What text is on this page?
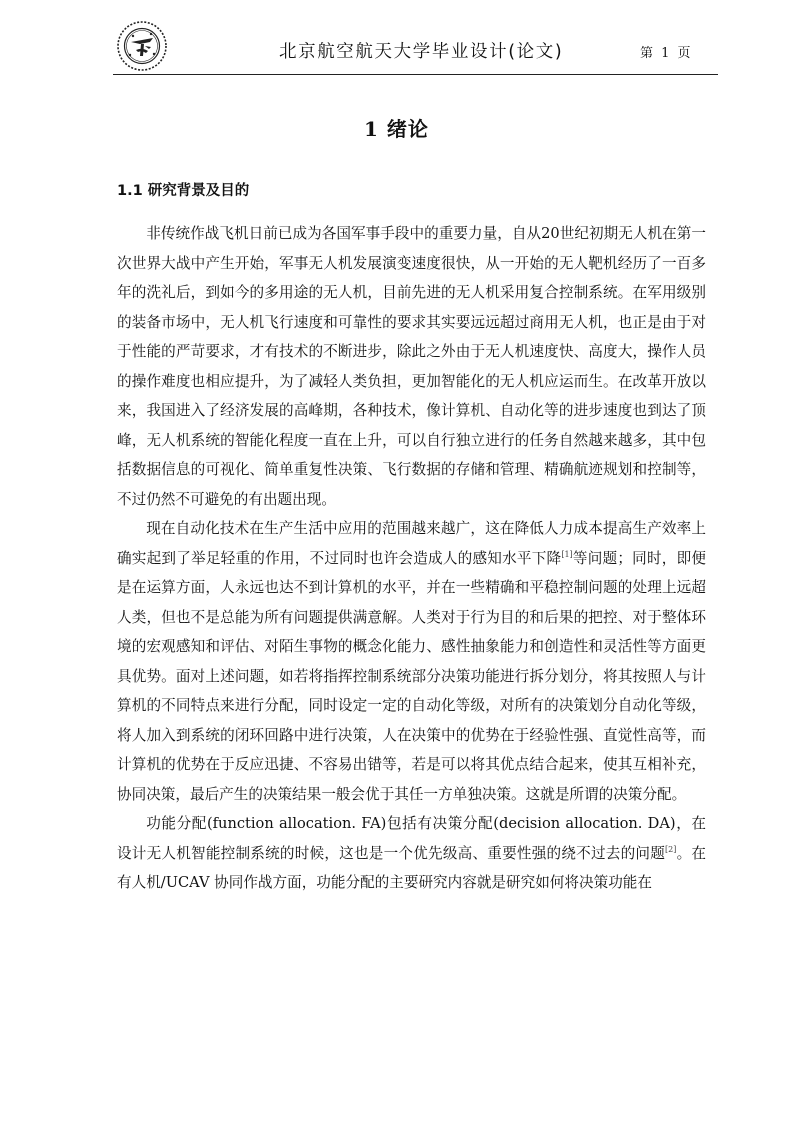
北京航空航天大学毕业设计(论文)	第 1 页
1 绪论
1.1 研究背景及目的

非传统作战飞机日前已成为各国军事手段中的重要力量，自从20世纪初期无人机在第一次世界大战中产生开始，军事无人机发展演变速度很快，从一开始的无人靶机经历了一百多年的洗礼后，到如今的多用途的无人机，目前先进的无人机采用复合控制系统。在军用级别的装备市场中，无人机飞行速度和可靠性的要求其实要远远超过商用无人机，也正是由于对于性能的严苛要求，才有技术的不断进步，除此之外由于无人机速度快、高度大，操作人员的操作难度也相应提升，为了减轻人类负担，更加智能化的无人机应运而生。在改革开放以来，我国进入了经济发展的高峰期，各种技术，像计算机、自动化等的进步速度也到达了顶峰，无人机系统的智能化程度一直在上升，可以自行独立进行的任务自然越来越多，其中包括数据信息的可视化、简单重复性决策、飞行数据的存储和管理、精确航迹规划和控制等，不过仍然不可避免的有出题出现。

现在自动化技术在生产生活中应用的范围越来越广，这在降低人力成本提高生产效率上确实起到了举足轻重的作用，不过同时也许会造成人的感知水平下降[1]等问题；同时，即便是在运算方面，人永远也达不到计算机的水平，并在一些精确和平稳控制问题的处理上远超人类，但也不是总能为所有问题提供满意解。人类对于行为目的和后果的把控、对于整体环境的宏观感知和评估、对陌生事物的概念化能力、感性抽象能力和创造性和灵活性等方面更具优势。面对上述问题，如若将指挥控制系统部分决策功能进行拆分划分，将其按照人与计算机的不同特点来进行分配，同时设定一定的自动化等级，对所有的决策划分自动化等级，将人加入到系统的闭环回路中进行决策，人在决策中的优势在于经验性强、直觉性高等，而计算机的优势在于反应迅捷、不容易出错等，若是可以将其优点结合起来，使其互相补充，协同决策，最后产生的决策结果一般会优于其任一方单独决策。这就是所谓的决策分配。

功能分配(function allocation. FA)包括有决策分配(decision allocation. DA)，在设计无人机智能控制系统的时候，这也是一个优先级高、重要性强的绕不过去的问题[2]。在有人机/UCAV 协同作战方面，功能分配的主要研究内容就是研究如何将决策功能在
